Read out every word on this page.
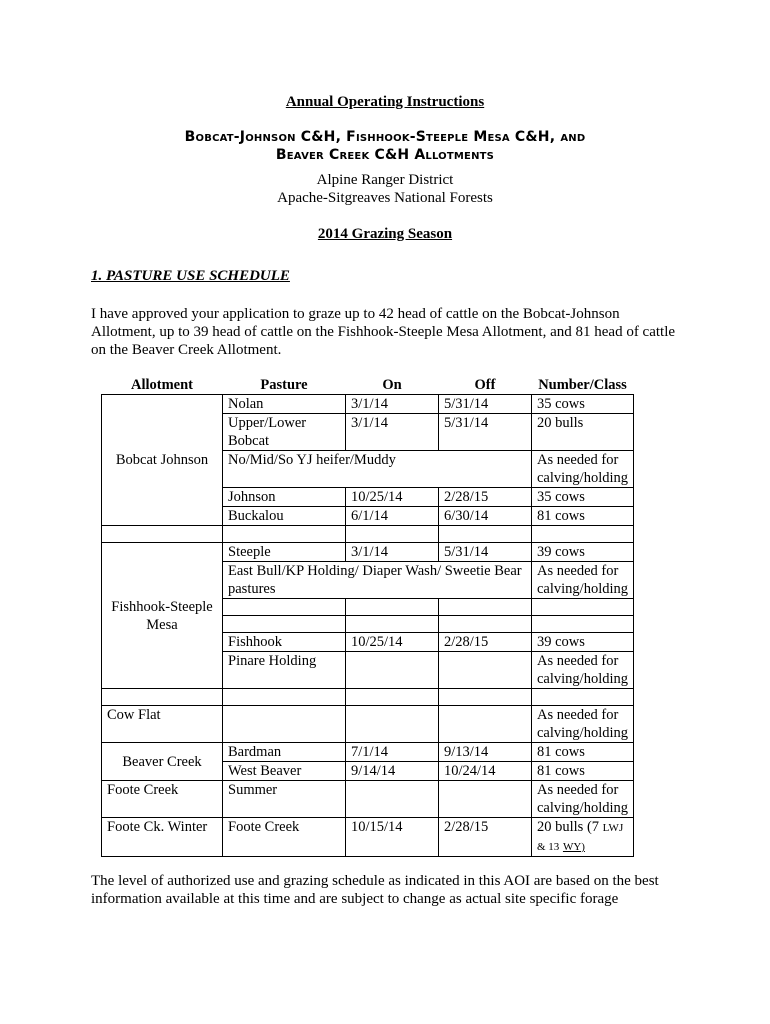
Annual Operating Instructions
Bobcat-Johnson C&H, Fishhook-Steeple Mesa C&H, and
Beaver Creek C&H Allotments
Alpine Ranger District
Apache-Sitgreaves National Forests
2014 Grazing Season
1. PASTURE USE SCHEDULE
I have approved your application to graze up to 42 head of cattle on the Bobcat-Johnson Allotment, up to 39 head of cattle on the Fishhook-Steeple Mesa Allotment, and 81 head of cattle on the Beaver Creek Allotment.
Allotment	Pasture	On	Off	Number/Class
Bobcat Johnson	Nolan	3/1/14	5/31/14	35 cows
	Upper/Lower Bobcat	3/1/14	5/31/14	20 bulls
	No/Mid/So YJ heifer/Muddy			As needed for calving/holding
	Johnson	10/25/14	2/28/15	35 cows
	Buckalou	6/1/14	6/30/14	81 cows

Fishhook-Steeple Mesa	Steeple	3/1/14	5/31/14	39 cows
	East Bull/KP Holding/ Diaper Wash/ Sweetie Bear pastures			As needed for calving/holding

	Fishhook	10/25/14	2/28/15	39 cows
	Pinare Holding			As needed for calving/holding

Cow Flat				As needed for calving/holding
Beaver Creek	Bardman	7/1/14	9/13/14	81 cows
	West Beaver	9/14/14	10/24/14	81 cows
Foote Creek	Summer			As needed for calving/holding
Foote Ck. Winter	Foote Creek	10/15/14	2/28/15	20 bulls (7 LWJ
& 13 WY)
The level of authorized use and grazing schedule as indicated in this AOI are based on the best information available at this time and are subject to change as actual site specific forage
